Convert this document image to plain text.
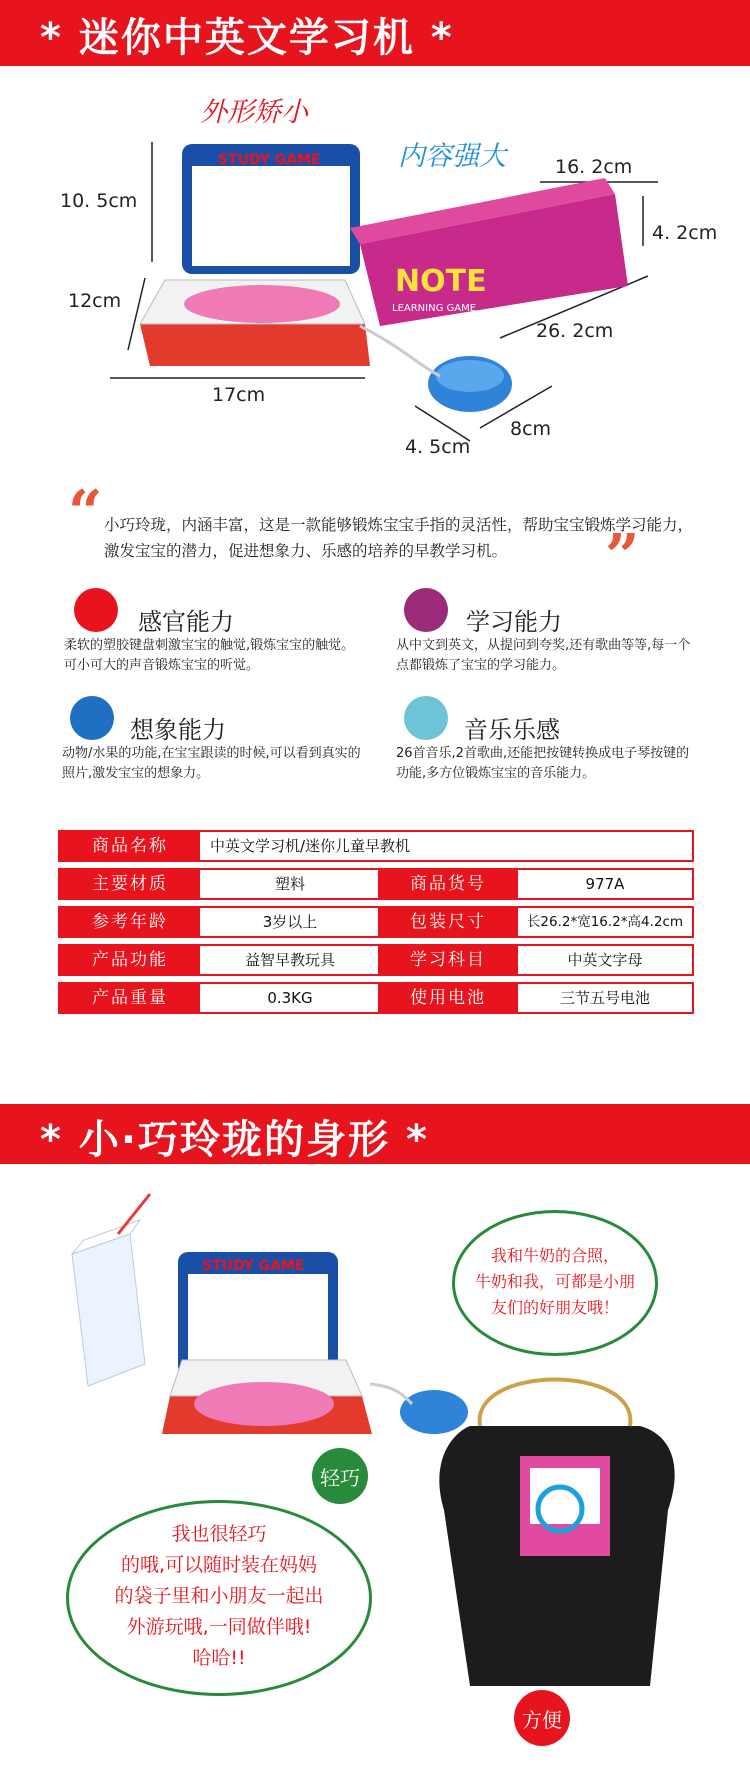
* 迷你中英文学习机 *
外形矫小
内容强大
STUDY GAME
NOTE
LEARNING GAME
10. 5cm
12cm
17cm
16. 2cm
4. 2cm
26. 2cm
4. 5cm
8cm
“ 小巧玲珑，内涵丰富，这是一款能够锻炼宝宝手指的灵活性，帮助宝宝锻炼学习能力，激发宝宝的潜力，促进想象力、乐感的培养的早教学习机。	”
感官能力
柔软的塑胶键盘刺激宝宝的触觉,锻炼宝宝的触觉。可小可大的声音锻炼宝宝的听觉。
学习能力
从中文到英文，从提问到夸奖,还有歌曲等等,每一个点都锻炼了宝宝的学习能力。
想象能力
动物/水果的功能,在宝宝跟读的时候,可以看到真实的照片,激发宝宝的想象力。
音乐乐感
26首音乐,2首歌曲,还能把按键转换成电子琴按键的功能,多方位锻炼宝宝的音乐能力。
商品名称	中英文学习机/迷你儿童早教机
主要材质	塑料	商品货号	977A
参考年龄	3岁以上	包装尺寸	长26.2*宽16.2*高4.2cm
产品功能	益智早教玩具	学习科目	中英文字母
产品重量	0.3KG	使用电池	三节五号电池
* 小·巧玲珑的身形 *
STUDY GAME
我和牛奶的合照，
牛奶和我，可都是小朋
友们的好朋友哦！
轻巧
我也很轻巧
的哦,可以随时装在妈妈
的袋子里和小朋友一起出
外游玩哦,一同做伴哦!
哈哈!!
方便
